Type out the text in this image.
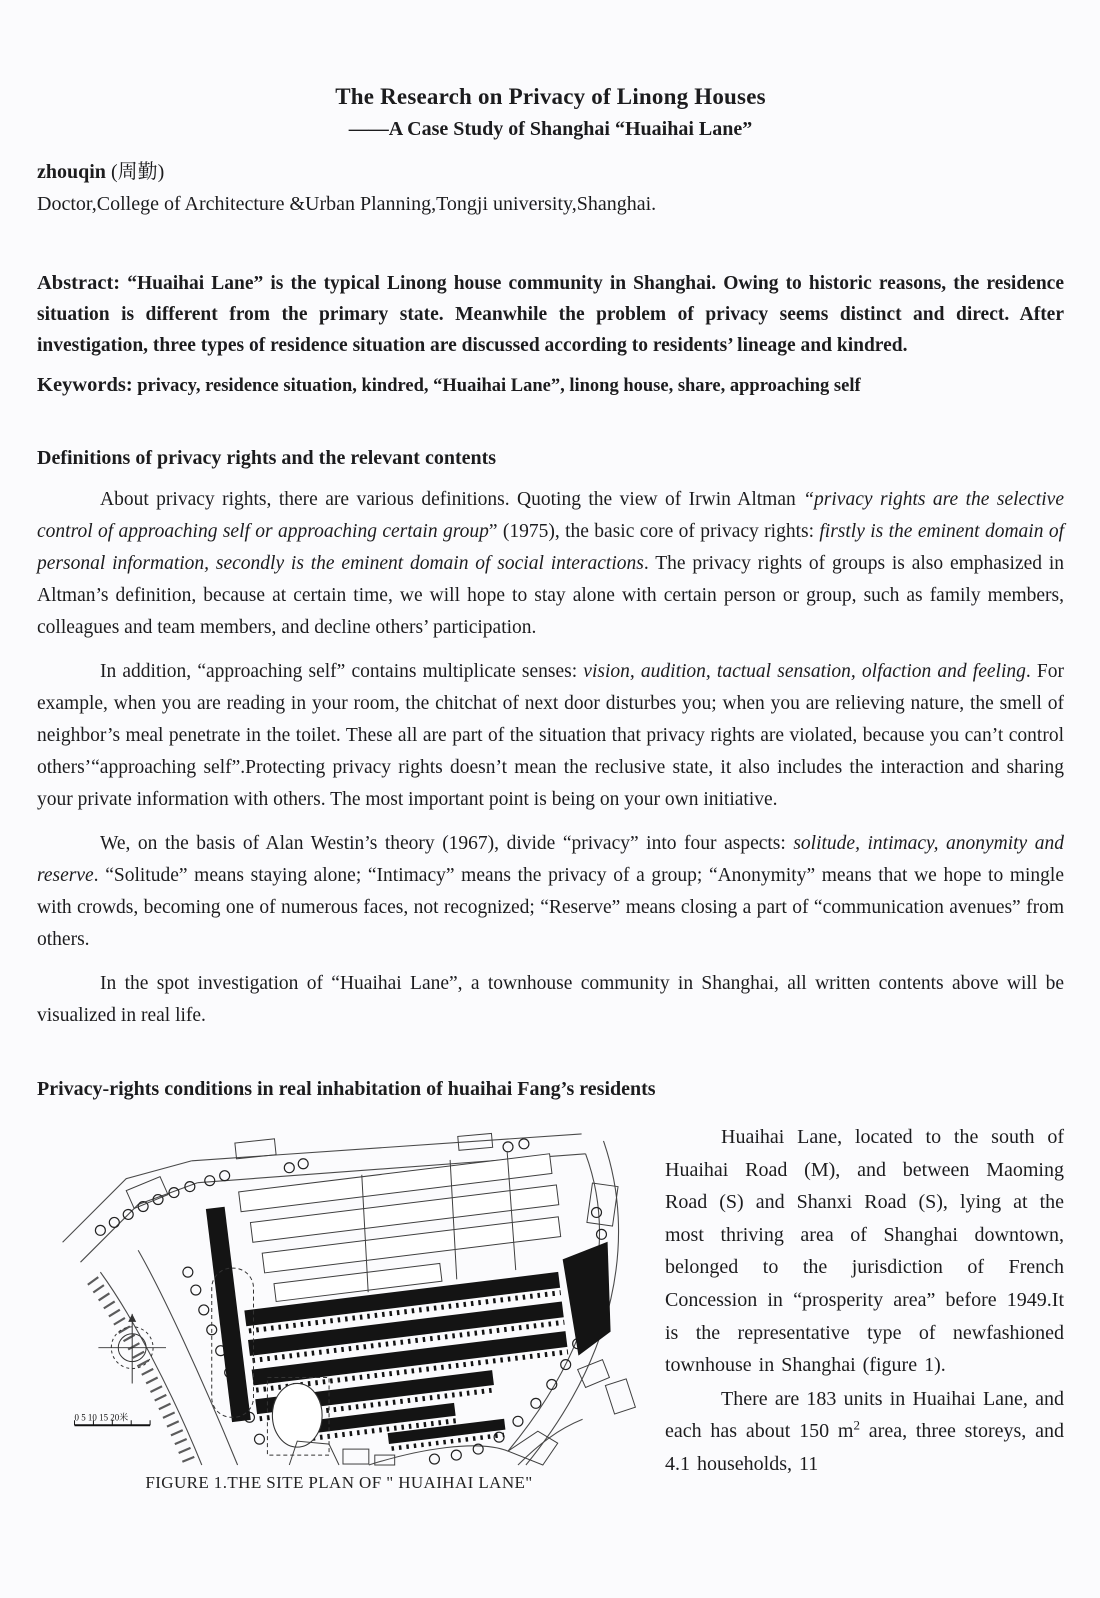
The Research on Privacy of Linong Houses
——A Case Study of Shanghai “Huaihai Lane”
zhouqin (周勤)
Doctor,College of Architecture &Urban Planning,Tongji university,Shanghai.

Abstract: “Huaihai Lane” is the typical Linong house community in Shanghai. Owing to historic reasons, the residence situation is different from the primary state. Meanwhile the problem of privacy seems distinct and direct. After investigation, three types of residence situation are discussed according to residents’ lineage and kindred.

Keywords: privacy, residence situation, kindred, “Huaihai Lane”, linong house, share, approaching self

Definitions of privacy rights and the relevant contents

About privacy rights, there are various definitions. Quoting the view of Irwin Altman “privacy rights are the selective control of approaching self or approaching certain group” (1975), the basic core of privacy rights: firstly is the eminent domain of personal information, secondly is the eminent domain of social interactions. The privacy rights of groups is also emphasized in Altman’s definition, because at certain time, we will hope to stay alone with certain person or group, such as family members, colleagues and team members, and decline others’ participation.

In addition, “approaching self” contains multiplicate senses: vision, audition, tactual sensation, olfaction and feeling. For example, when you are reading in your room, the chitchat of next door disturbes you; when you are relieving nature, the smell of neighbor’s meal penetrate in the toilet. These all are part of the situation that privacy rights are violated, because you can’t control others’“approaching self”.Protecting privacy rights doesn’t mean the reclusive state, it also includes the interaction and sharing your private information with others. The most important point is being on your own initiative.

We, on the basis of Alan Westin’s theory (1967), divide “privacy” into four aspects: solitude, intimacy, anonymity and reserve. “Solitude” means staying alone; “Intimacy” means the privacy of a group; “Anonymity” means that we hope to mingle with crowds, becoming one of numerous faces, not recognized; “Reserve” means closing a part of “communication avenues” from others.

In the spot investigation of “Huaihai Lane”, a townhouse community in Shanghai, all written contents above will be visualized in real life.

Privacy-rights conditions in real inhabitation of huaihai Fang’s residents
0 5 10 15 20米
FIGURE 1.THE SITE PLAN OF " HUAIHAI LANE"

Huaihai Lane, located to the south of Huaihai Road (M), and between Maoming Road (S) and Shanxi Road (S), lying at the most thriving area of Shanghai downtown, belonged to the jurisdiction of French Concession in “prosperity area” before 1949.It is the representative type of newfashioned townhouse in Shanghai (figure 1).

There are 183 units in Huaihai Lane, and each has about 150 $m^2$ area, three storeys, and 4.1 households, 11
